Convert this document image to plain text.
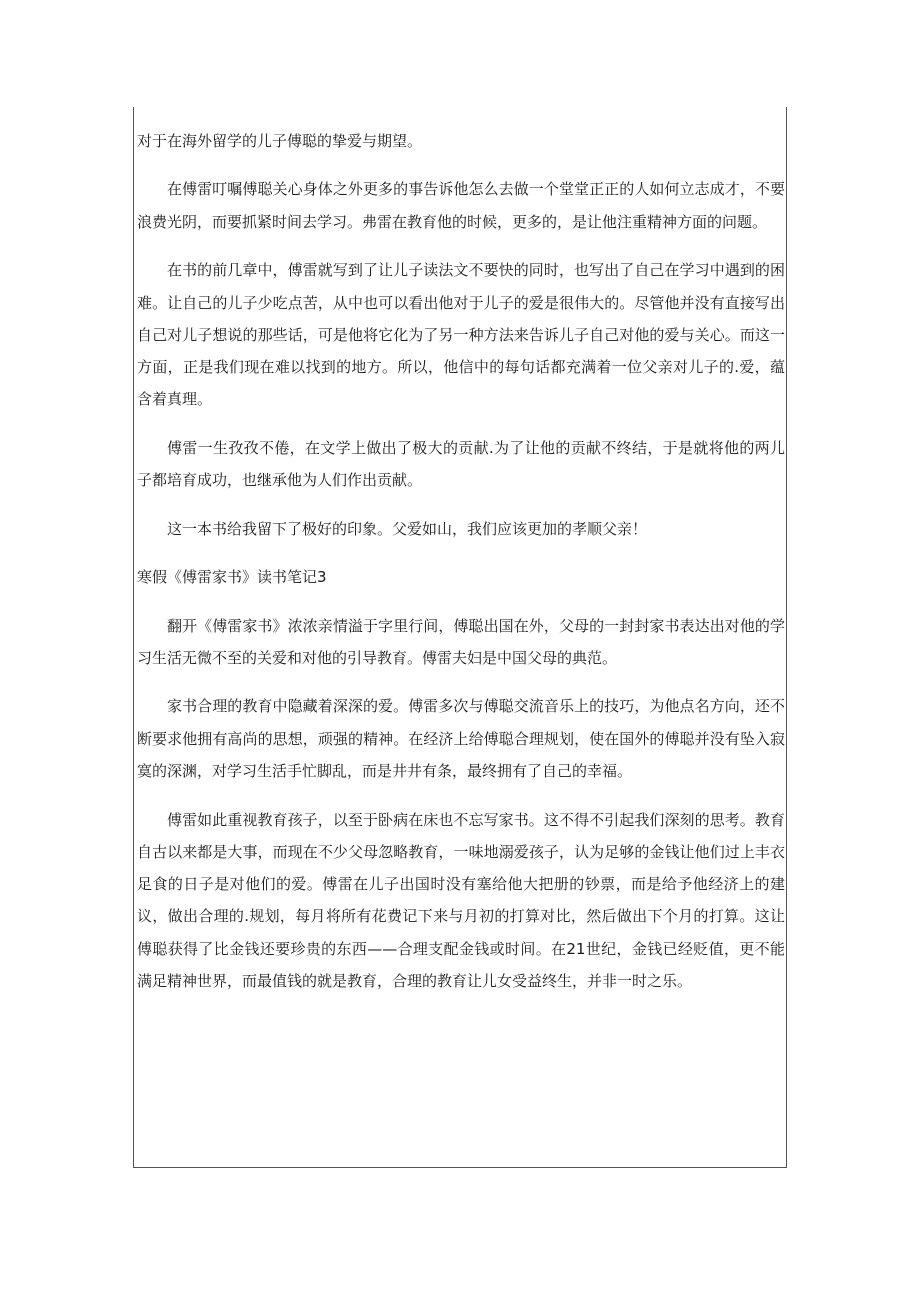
对于在海外留学的儿子傅聪的挚爱与期望。

在傅雷叮嘱傅聪关心身体之外更多的事告诉他怎么去做一个堂堂正正的人如何立志成才，不要浪费光阴，而要抓紧时间去学习。弗雷在教育他的时候，更多的，是让他注重精神方面的问题。

在书的前几章中，傅雷就写到了让儿子读法文不要快的同时，也写出了自己在学习中遇到的困难。让自己的儿子少吃点苦，从中也可以看出他对于儿子的爱是很伟大的。尽管他并没有直接写出自己对儿子想说的那些话，可是他将它化为了另一种方法来告诉儿子自己对他的爱与关心。而这一方面，正是我们现在难以找到的地方。所以，他信中的每句话都充满着一位父亲对儿子的.爱，蕴含着真理。

傅雷一生孜孜不倦，在文学上做出了极大的贡献.为了让他的贡献不终结，于是就将他的两儿子都培育成功，也继承他为人们作出贡献。

这一本书给我留下了极好的印象。父爱如山，我们应该更加的孝顺父亲！

寒假《傅雷家书》读书笔记3

翻开《傅雷家书》浓浓亲情溢于字里行间，傅聪出国在外，父母的一封封家书表达出对他的学习生活无微不至的关爱和对他的引导教育。傅雷夫妇是中国父母的典范。

家书合理的教育中隐藏着深深的爱。傅雷多次与傅聪交流音乐上的技巧，为他点名方向，还不断要求他拥有高尚的思想，顽强的精神。在经济上给傅聪合理规划，使在国外的傅聪并没有坠入寂寞的深渊，对学习生活手忙脚乱，而是井井有条，最终拥有了自己的幸福。

傅雷如此重视教育孩子，以至于卧病在床也不忘写家书。这不得不引起我们深刻的思考。教育自古以来都是大事，而现在不少父母忽略教育，一味地溺爱孩子，认为足够的金钱让他们过上丰衣足食的日子是对他们的爱。傅雷在儿子出国时没有塞给他大把册的钞票，而是给予他经济上的建议，做出合理的.规划，每月将所有花费记下来与月初的打算对比，然后做出下个月的打算。这让傅聪获得了比金钱还要珍贵的东西——合理支配金钱或时间。在21世纪，金钱已经贬值，更不能满足精神世界，而最值钱的就是教育，合理的教育让儿女受益终生，并非一时之乐。
